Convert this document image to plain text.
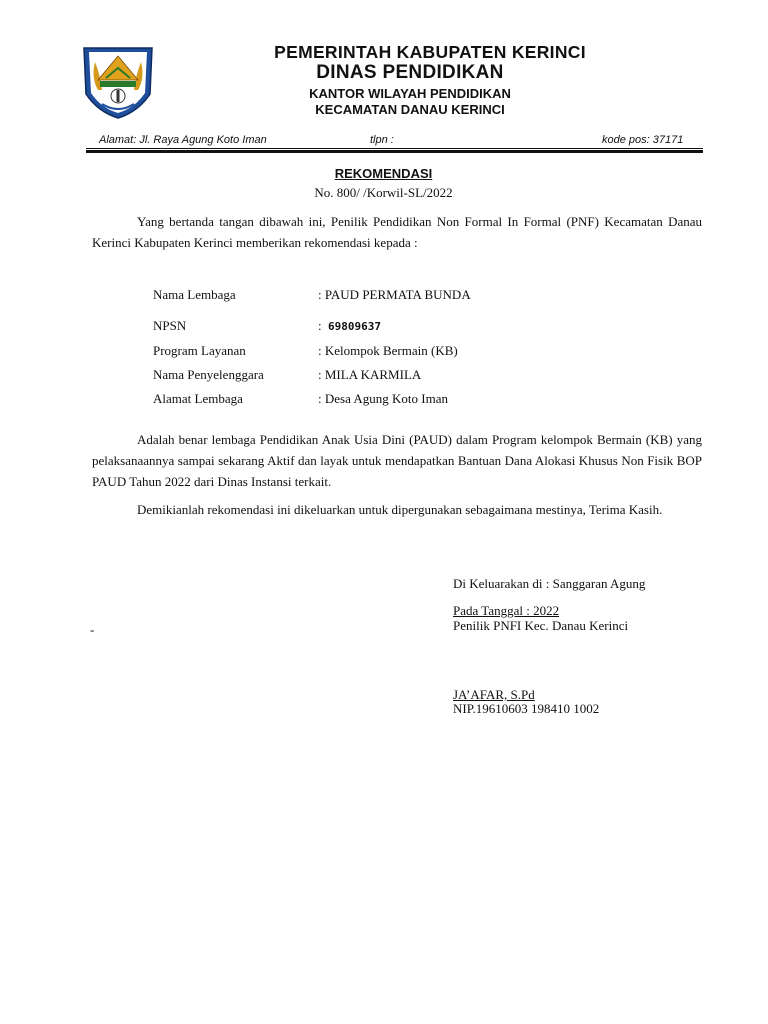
PEMERINTAH KABUPATEN KERINCI
DINAS PENDIDIKAN
KANTOR WILAYAH PENDIDIKAN
KECAMATAN DANAU KERINCI
Alamat: Jl. Raya Agung Koto Iman	tlpn :	kode pos: 37171
REKOMENDASI
No. 800/ /Korwil-SL/2022
Yang bertanda tangan dibawah ini, Penilik Pendidikan Non Formal In Formal (PNF) Kecamatan Danau Kerinci Kabupaten Kerinci memberikan rekomendasi kepada :
Nama Lembaga	: PAUD PERMATA BUNDA
NPSN	: 69809637
Program Layanan	: Kelompok Bermain (KB)
Nama Penyelenggara	: MILA KARMILA
Alamat Lembaga	: Desa Agung Koto Iman
Adalah benar lembaga Pendidikan Anak Usia Dini (PAUD) dalam Program kelompok Bermain (KB) yang pelaksanaannya sampai sekarang Aktif dan layak untuk mendapatkan Bantuan Dana Alokasi Khusus Non Fisik BOP PAUD Tahun 2022 dari Dinas Instansi terkait.
Demikianlah rekomendasi ini dikeluarkan untuk dipergunakan sebagaimana mestinya, Terima Kasih.
Di Keluarakan di : Sanggaran Agung
Pada Tanggal : 2022
Penilik PNFI Kec. Danau Kerinci
-
JA’AFAR, S.Pd
NIP.19610603 198410 1002
